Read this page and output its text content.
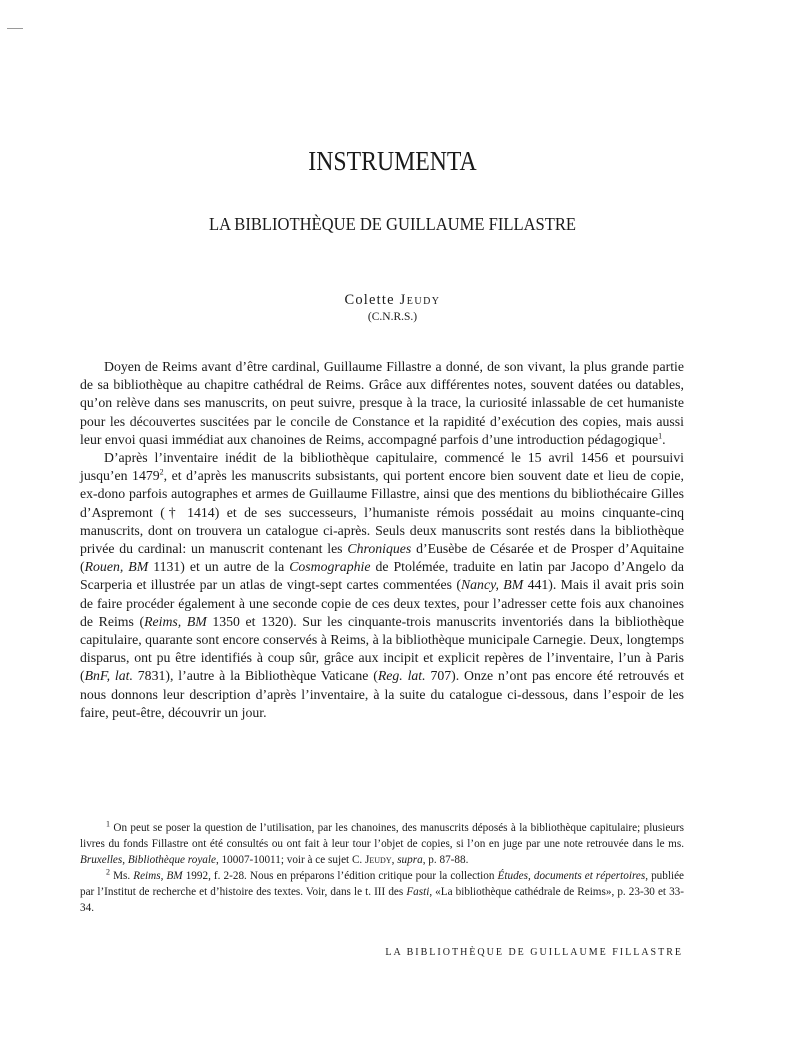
INSTRUMENTA
LA BIBLIOTHÈQUE DE GUILLAUME FILLASTRE
Colette Jeudy
(C.N.R.S.)

Doyen de Reims avant d’être cardinal, Guillaume Fillastre a donné, de son vivant, la plus grande partie de sa bibliothèque au chapitre cathédral de Reims. Grâce aux différentes notes, souvent datées ou datables, qu’on relève dans ses manuscrits, on peut suivre, presque à la trace, la curiosité inlassable de cet humaniste pour les découvertes suscitées par le concile de Constance et la rapidité d’exécution des copies, mais aussi leur envoi quasi immédiat aux chanoines de Reims, accompagné parfois d’une introduction pédagogique$^1$.

D’après l’inventaire inédit de la bibliothèque capitulaire, commencé le 15 avril 1456 et poursuivi jusqu’en 1479$^2$, et d’après les manuscrits subsistants, qui portent encore bien souvent date et lieu de copie, ex-dono parfois autographes et armes de Guillaume Fillastre, ainsi que des mentions du bibliothécaire Gilles d’Aspremont († 1414) et de ses successeurs, l’humaniste rémois possédait au moins cinquante-cinq manuscrits, dont on trouvera un catalogue ci-après. Seuls deux manuscrits sont restés dans la bibliothèque privée du cardinal: un manuscrit contenant les Chroniques d’Eusèbe de Césarée et de Prosper d’Aquitaine (Rouen, BM 1131) et un autre de la Cosmographie de Ptolémée, traduite en latin par Jacopo d’Angelo da Scarperia et illustrée par un atlas de vingt-sept cartes commentées (Nancy, BM 441). Mais il avait pris soin de faire procéder également à une seconde copie de ces deux textes, pour l’adresser cette fois aux chanoines de Reims (Reims, BM 1350 et 1320). Sur les cinquante-trois manuscrits inventoriés dans la bibliothèque capitulaire, quarante sont encore conservés à Reims, à la bibliothèque municipale Carnegie. Deux, longtemps disparus, ont pu être identifiés à coup sûr, grâce aux incipit et explicit repères de l’inventaire, l’un à Paris (BnF, lat. 7831), l’autre à la Bibliothèque Vaticane (Reg. lat. 707). Onze n’ont pas encore été retrouvés et nous donnons leur description d’après l’inventaire, à la suite du catalogue ci-dessous, dans l’espoir de les faire, peut-être, découvrir un jour.

$^1$ On peut se poser la question de l’utilisation, par les chanoines, des manuscrits déposés à la bibliothèque capitulaire; plusieurs livres du fonds Fillastre ont été consultés ou ont fait à leur tour l’objet de copies, si l’on en juge par une note retrouvée dans le ms. Bruxelles, Bibliothèque royale, 10007-10011; voir à ce sujet C. Jeudy, supra, p. 87-88.

$^2$ Ms. Reims, BM 1992, f. 2-28. Nous en préparons l’édition critique pour la collection Études, documents et répertoires, publiée par l’Institut de recherche et d’histoire des textes. Voir, dans le t. III des Fasti, «La bibliothèque cathédrale de Reims», p. 23-30 et 33-34.

LA BIBLIOTHÈQUE DE GUILLAUME FILLASTRE
